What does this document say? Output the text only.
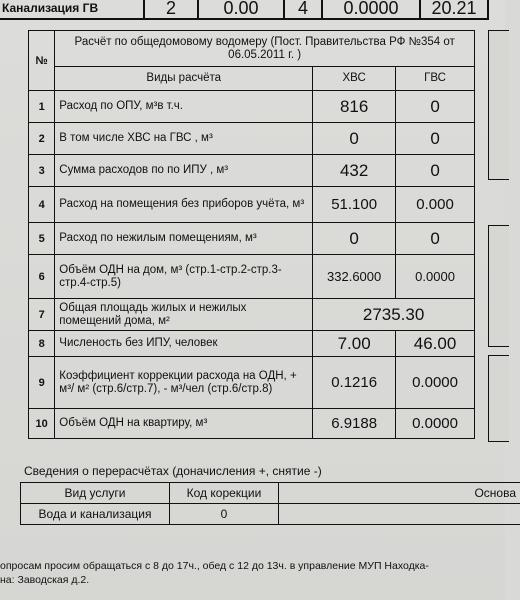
Канализация ГВ	2	0.00	4	0.0000	20.21
№	Расчёт по общедомовому водомеру (Пост. Правительства РФ №354 от 06.05.2011 г. )		
	Виды расчёта	ХВС	ГВС
1	Расход по ОПУ, м³в т.ч.	816	0
2	В том числе ХВС на ГВС , м³	0	0
3	Сумма расходов по по ИПУ , м³	432	0
4	Расход на помещения без приборов учёта, м³	51.100	0.000
5	Расход по нежилым помещениям, м³	0	0
6	Объём ОДН на дом, м³ (стр.1-стр.2-стр.3-стр.4-стр.5)	332.6000	0.0000
7	Общая площадь жилых и нежилых помещений дома, м²	2735.30	
8	Численость без ИПУ, человек	7.00	46.00
9	Коэффициент коррекции расхода на ОДН, + м³/ м² (стр.6/стр.7), - м³/чел (стр.6/стр.8)	0.1216	0.0000
10	Объём ОДН на квартиру, м³	6.9188	0.0000
Сведения о перерасчётах (доначисления +, снятие -)
Вид услуги	Код корекции	Основа
Вода и канализация	0	
опросам просим обращаться с 8 до 17ч., обед с 12 до 13ч. в управление МУП Находка-
на: Заводская д.2.
